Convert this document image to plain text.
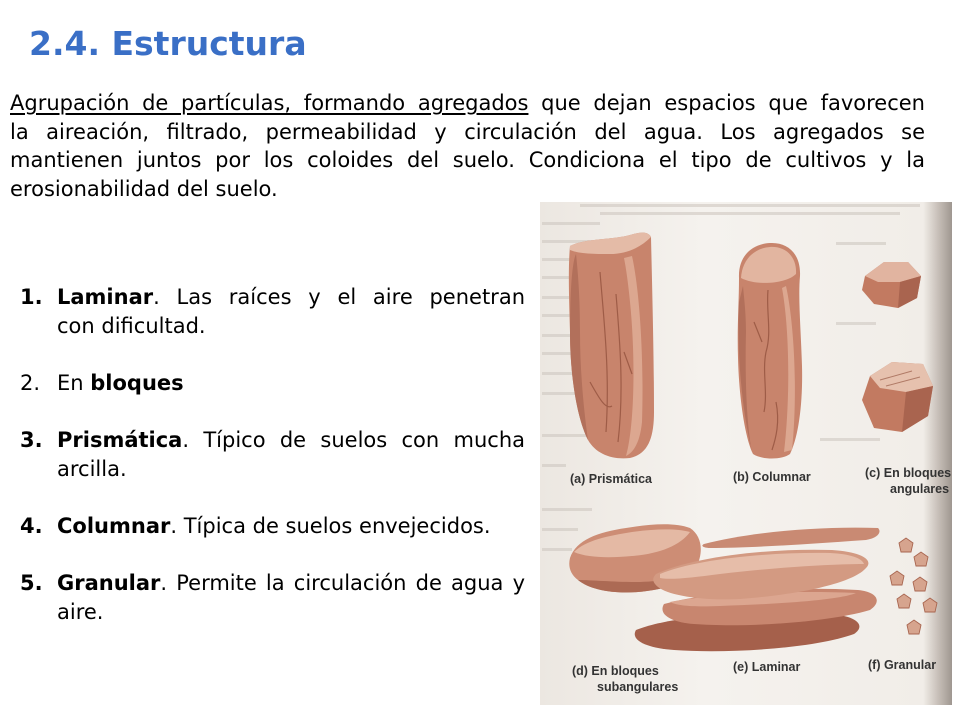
2.4. Estructura
Agrupación de partículas, formando agregados que dejan espacios que favorecen
la aireación, filtrado, permeabilidad y circulación del agua. Los agregados se
mantienen juntos por los coloides del suelo. Condiciona el tipo de cultivos y la
erosionabilidad del suelo.
1. Laminar. Las raíces y el aire penetran
con dificultad.
2. En bloques
3. Prismática. Típico de suelos con mucha
arcilla.
4. Columnar. Típica de suelos envejecidos.
5. Granular. Permite la circulación de agua y
aire.
(a) Prismática	(b) Columnar	(c) En bloques
angulares
(d) En bloques
subangulares
(e) Laminar	(f) Granular
